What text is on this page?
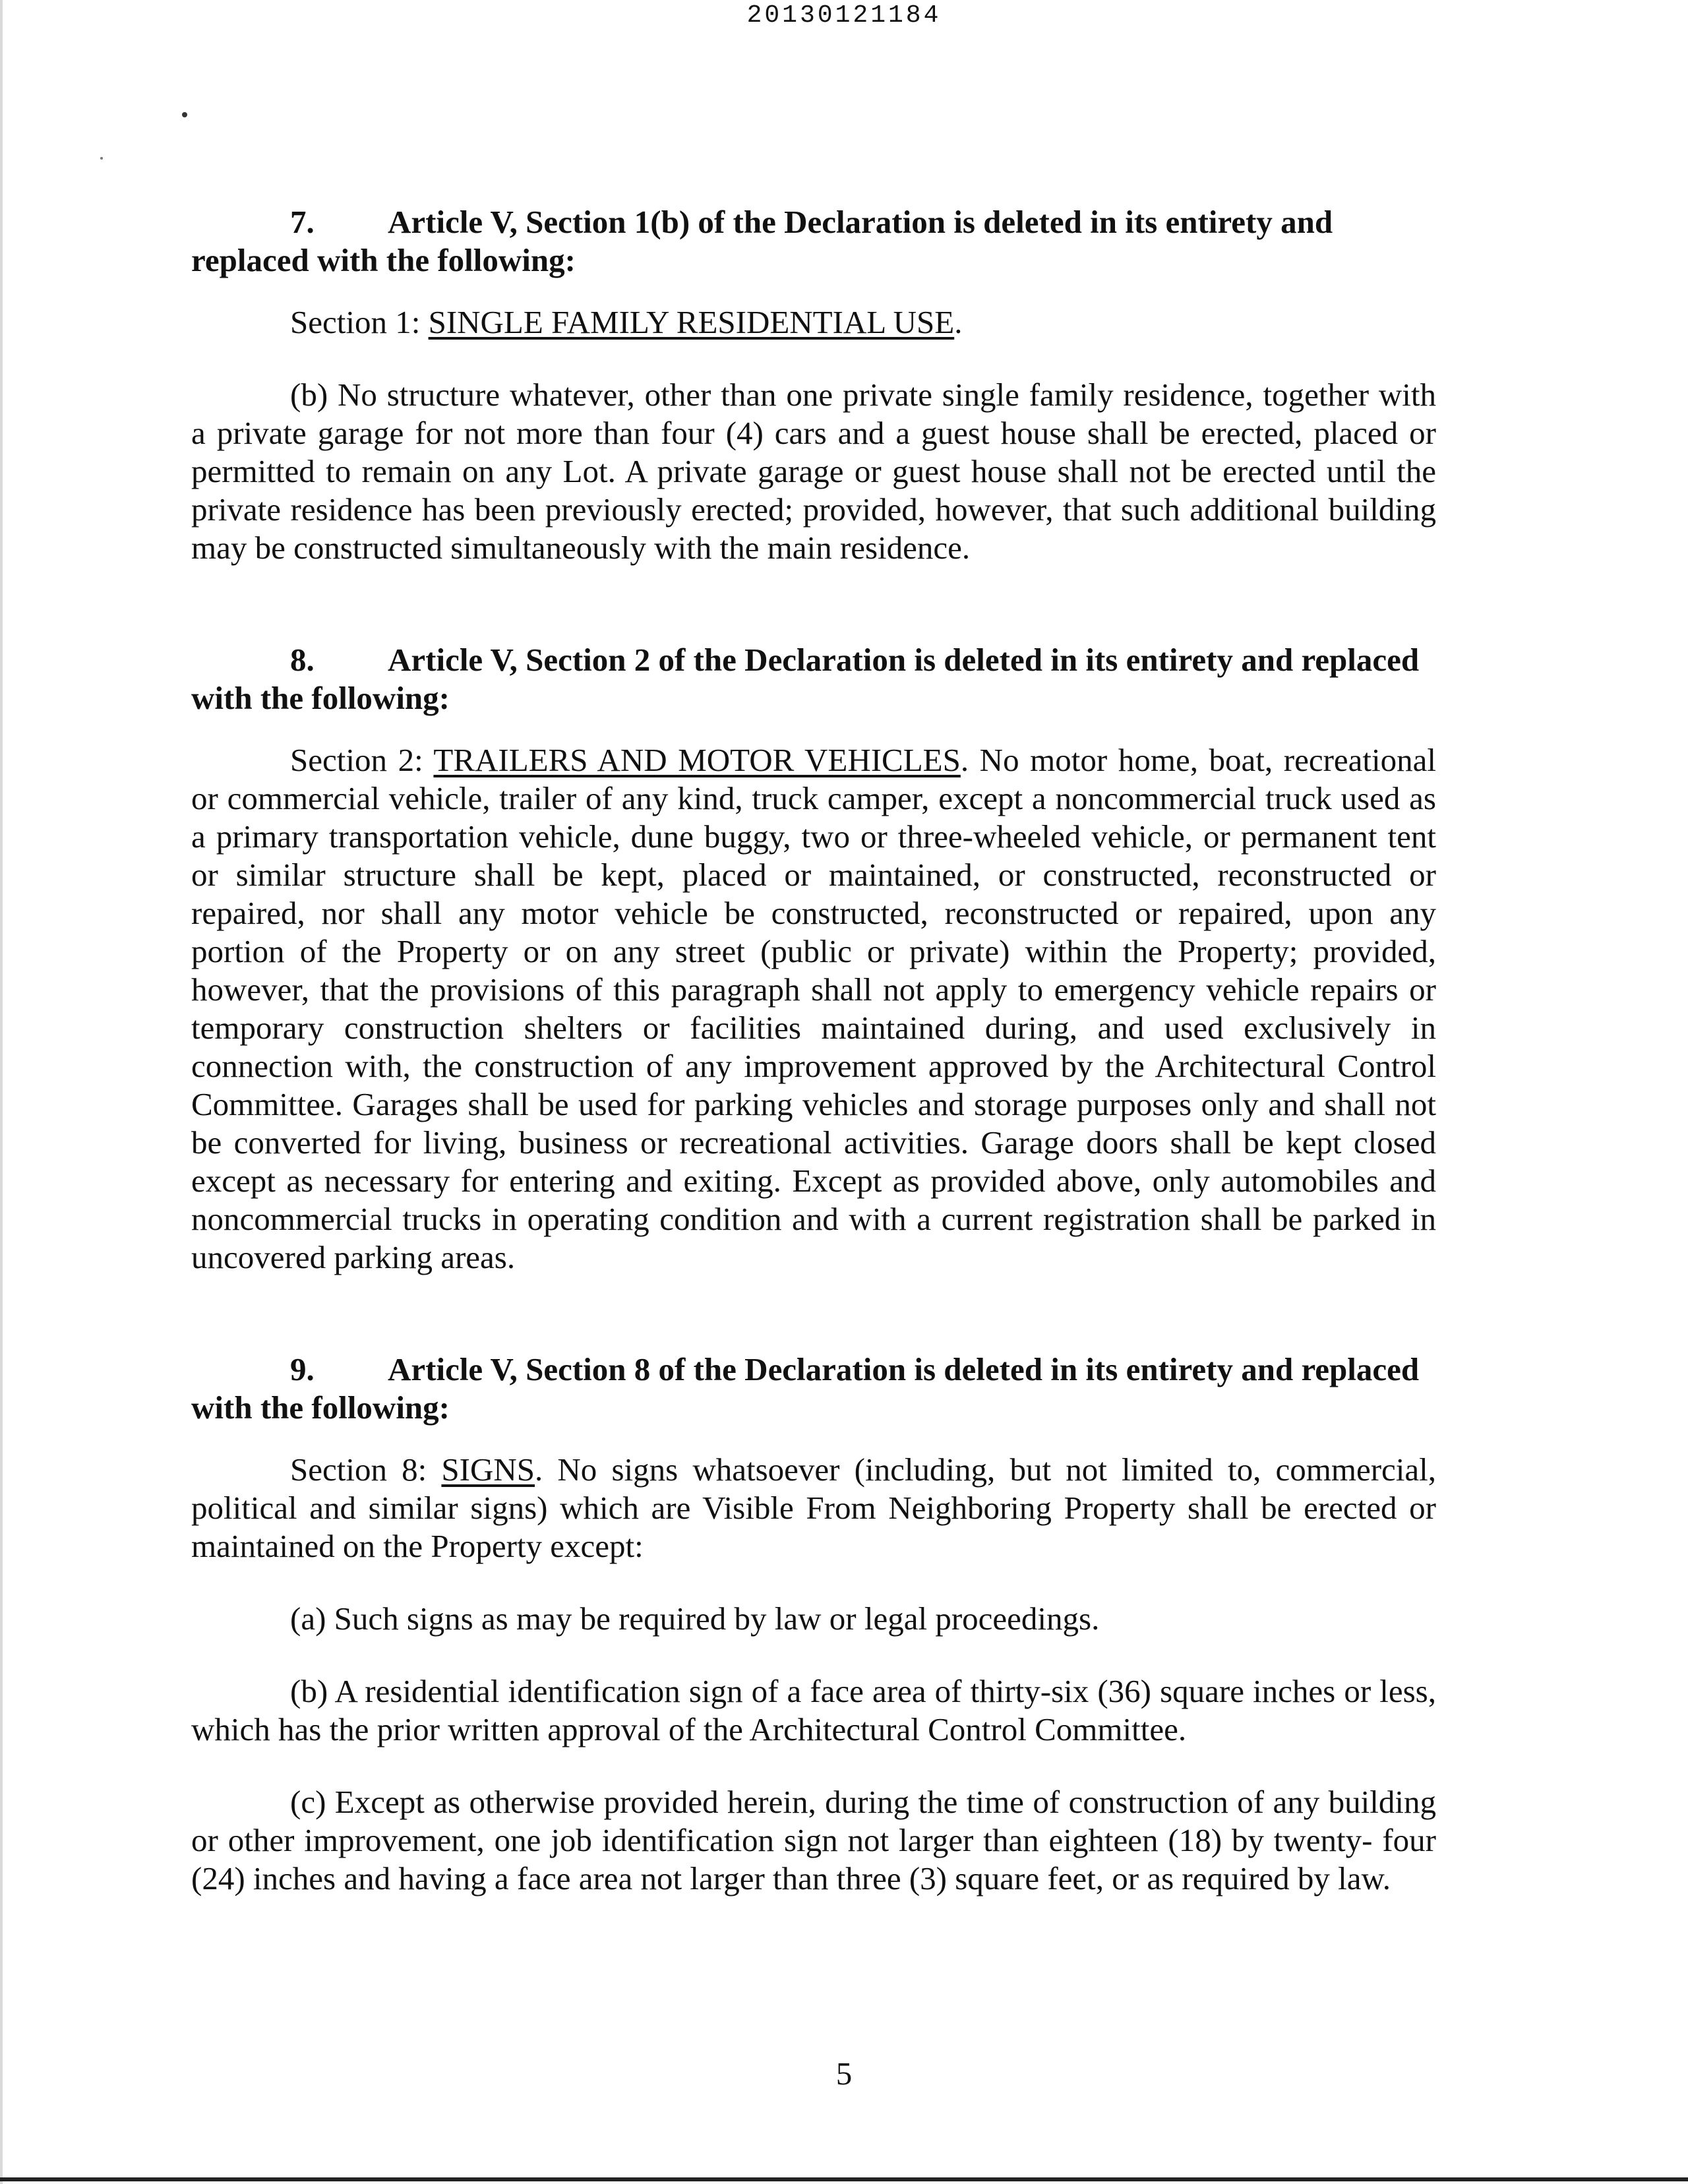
20130121184

7. Article V, Section 1(b) of the Declaration is deleted in its entirety and replaced with the following:

Section 1: SINGLE FAMILY RESIDENTIAL USE.

(b) No structure whatever, other than one private single family residence, together with a private garage for not more than four (4) cars and a guest house shall be erected, placed or permitted to remain on any Lot. A private garage or guest house shall not be erected until the private residence has been previously erected; provided, however, that such additional building may be constructed simultaneously with the main residence.

8. Article V, Section 2 of the Declaration is deleted in its entirety and replaced with the following:

Section 2: TRAILERS AND MOTOR VEHICLES. No motor home, boat, recreational or commercial vehicle, trailer of any kind, truck camper, except a noncommercial truck used as a primary transportation vehicle, dune buggy, two or three-wheeled vehicle, or permanent tent or similar structure shall be kept, placed or maintained, or constructed, reconstructed or repaired, nor shall any motor vehicle be constructed, reconstructed or repaired, upon any portion of the Property or on any street (public or private) within the Property; provided, however, that the provisions of this paragraph shall not apply to emergency vehicle repairs or temporary construction shelters or facilities maintained during, and used exclusively in connection with, the construction of any improvement approved by the Architectural Control Committee. Garages shall be used for parking vehicles and storage purposes only and shall not be converted for living, business or recreational activities. Garage doors shall be kept closed except as necessary for entering and exiting. Except as provided above, only automobiles and noncommercial trucks in operating condition and with a current registration shall be parked in uncovered parking areas.

9. Article V, Section 8 of the Declaration is deleted in its entirety and replaced with the following:

Section 8: SIGNS. No signs whatsoever (including, but not limited to, commercial, political and similar signs) which are Visible From Neighboring Property shall be erected or maintained on the Property except:

(a) Such signs as may be required by law or legal proceedings.

(b) A residential identification sign of a face area of thirty-six (36) square inches or less, which has the prior written approval of the Architectural Control Committee.

(c) Except as otherwise provided herein, during the time of construction of any building or other improvement, one job identification sign not larger than eighteen (18) by twenty- four (24) inches and having a face area not larger than three (3) square feet, or as required by law.

5
